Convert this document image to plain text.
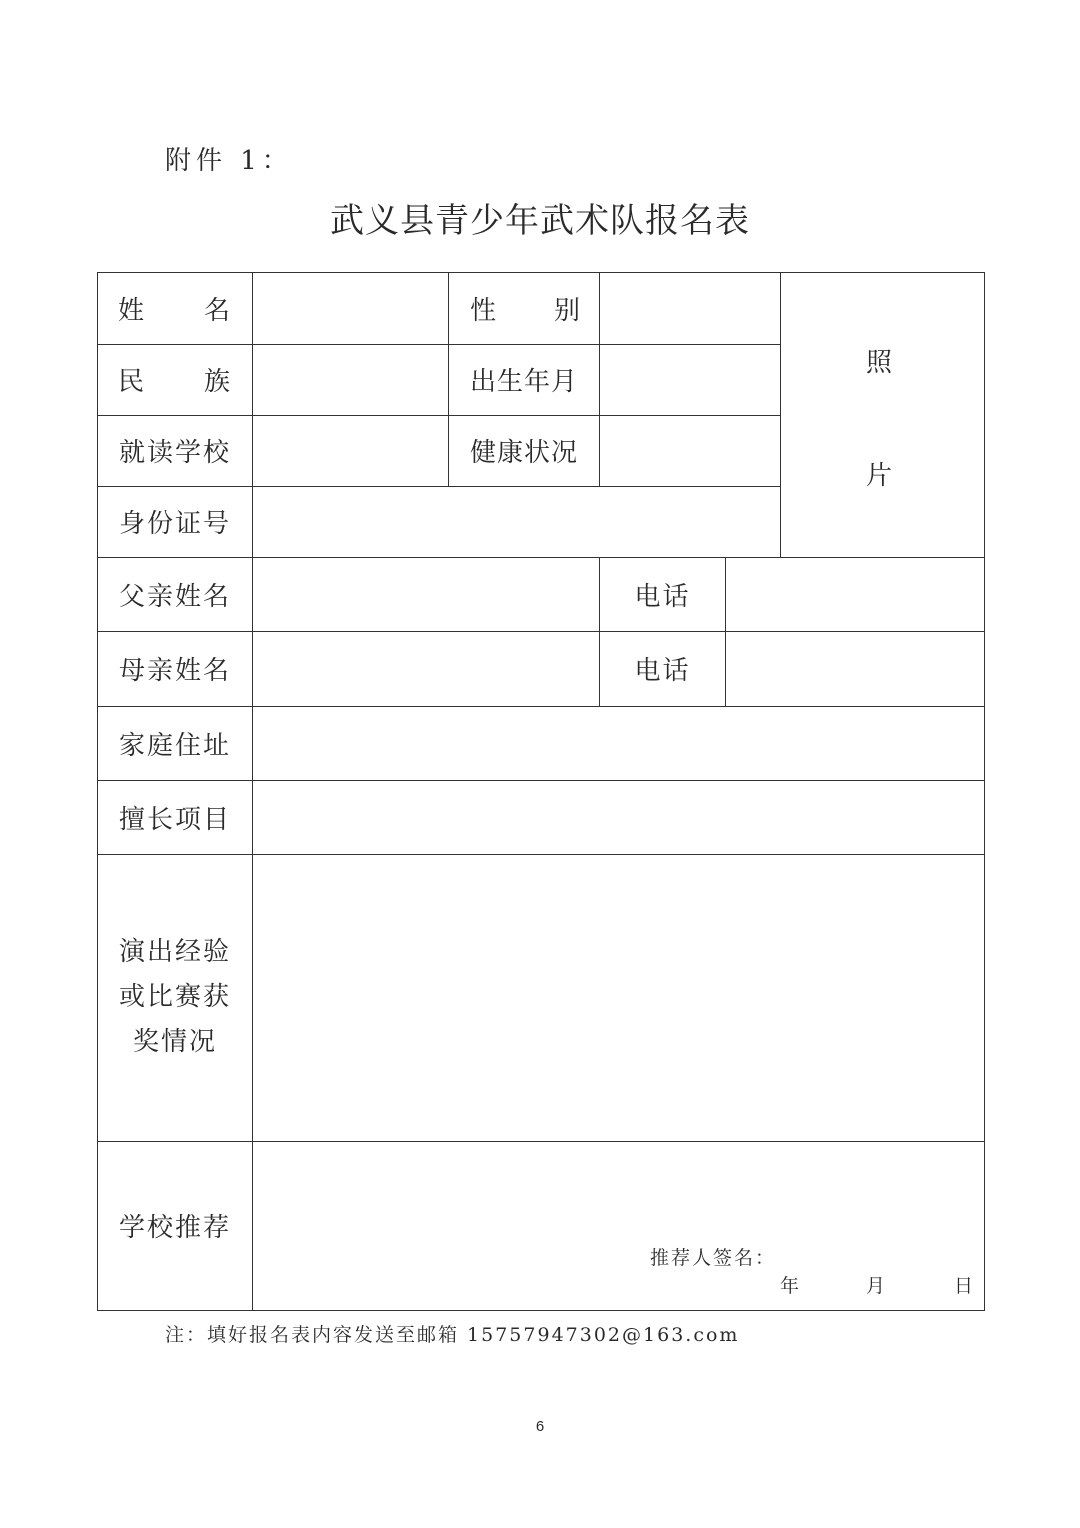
附件 1：
武义县青少年武术队报名表
姓 名	性 别
民 族	出生年月
就读学校	健康状况
身份证号
照
片
父亲姓名	电话
母亲姓名	电话
家庭住址
擅长项目
演出经验
或比赛获
奖情况
学校推荐
推荐人签名：
年	月	日
注：填好报名表内容发送至邮箱 15757947302@163.com
6
